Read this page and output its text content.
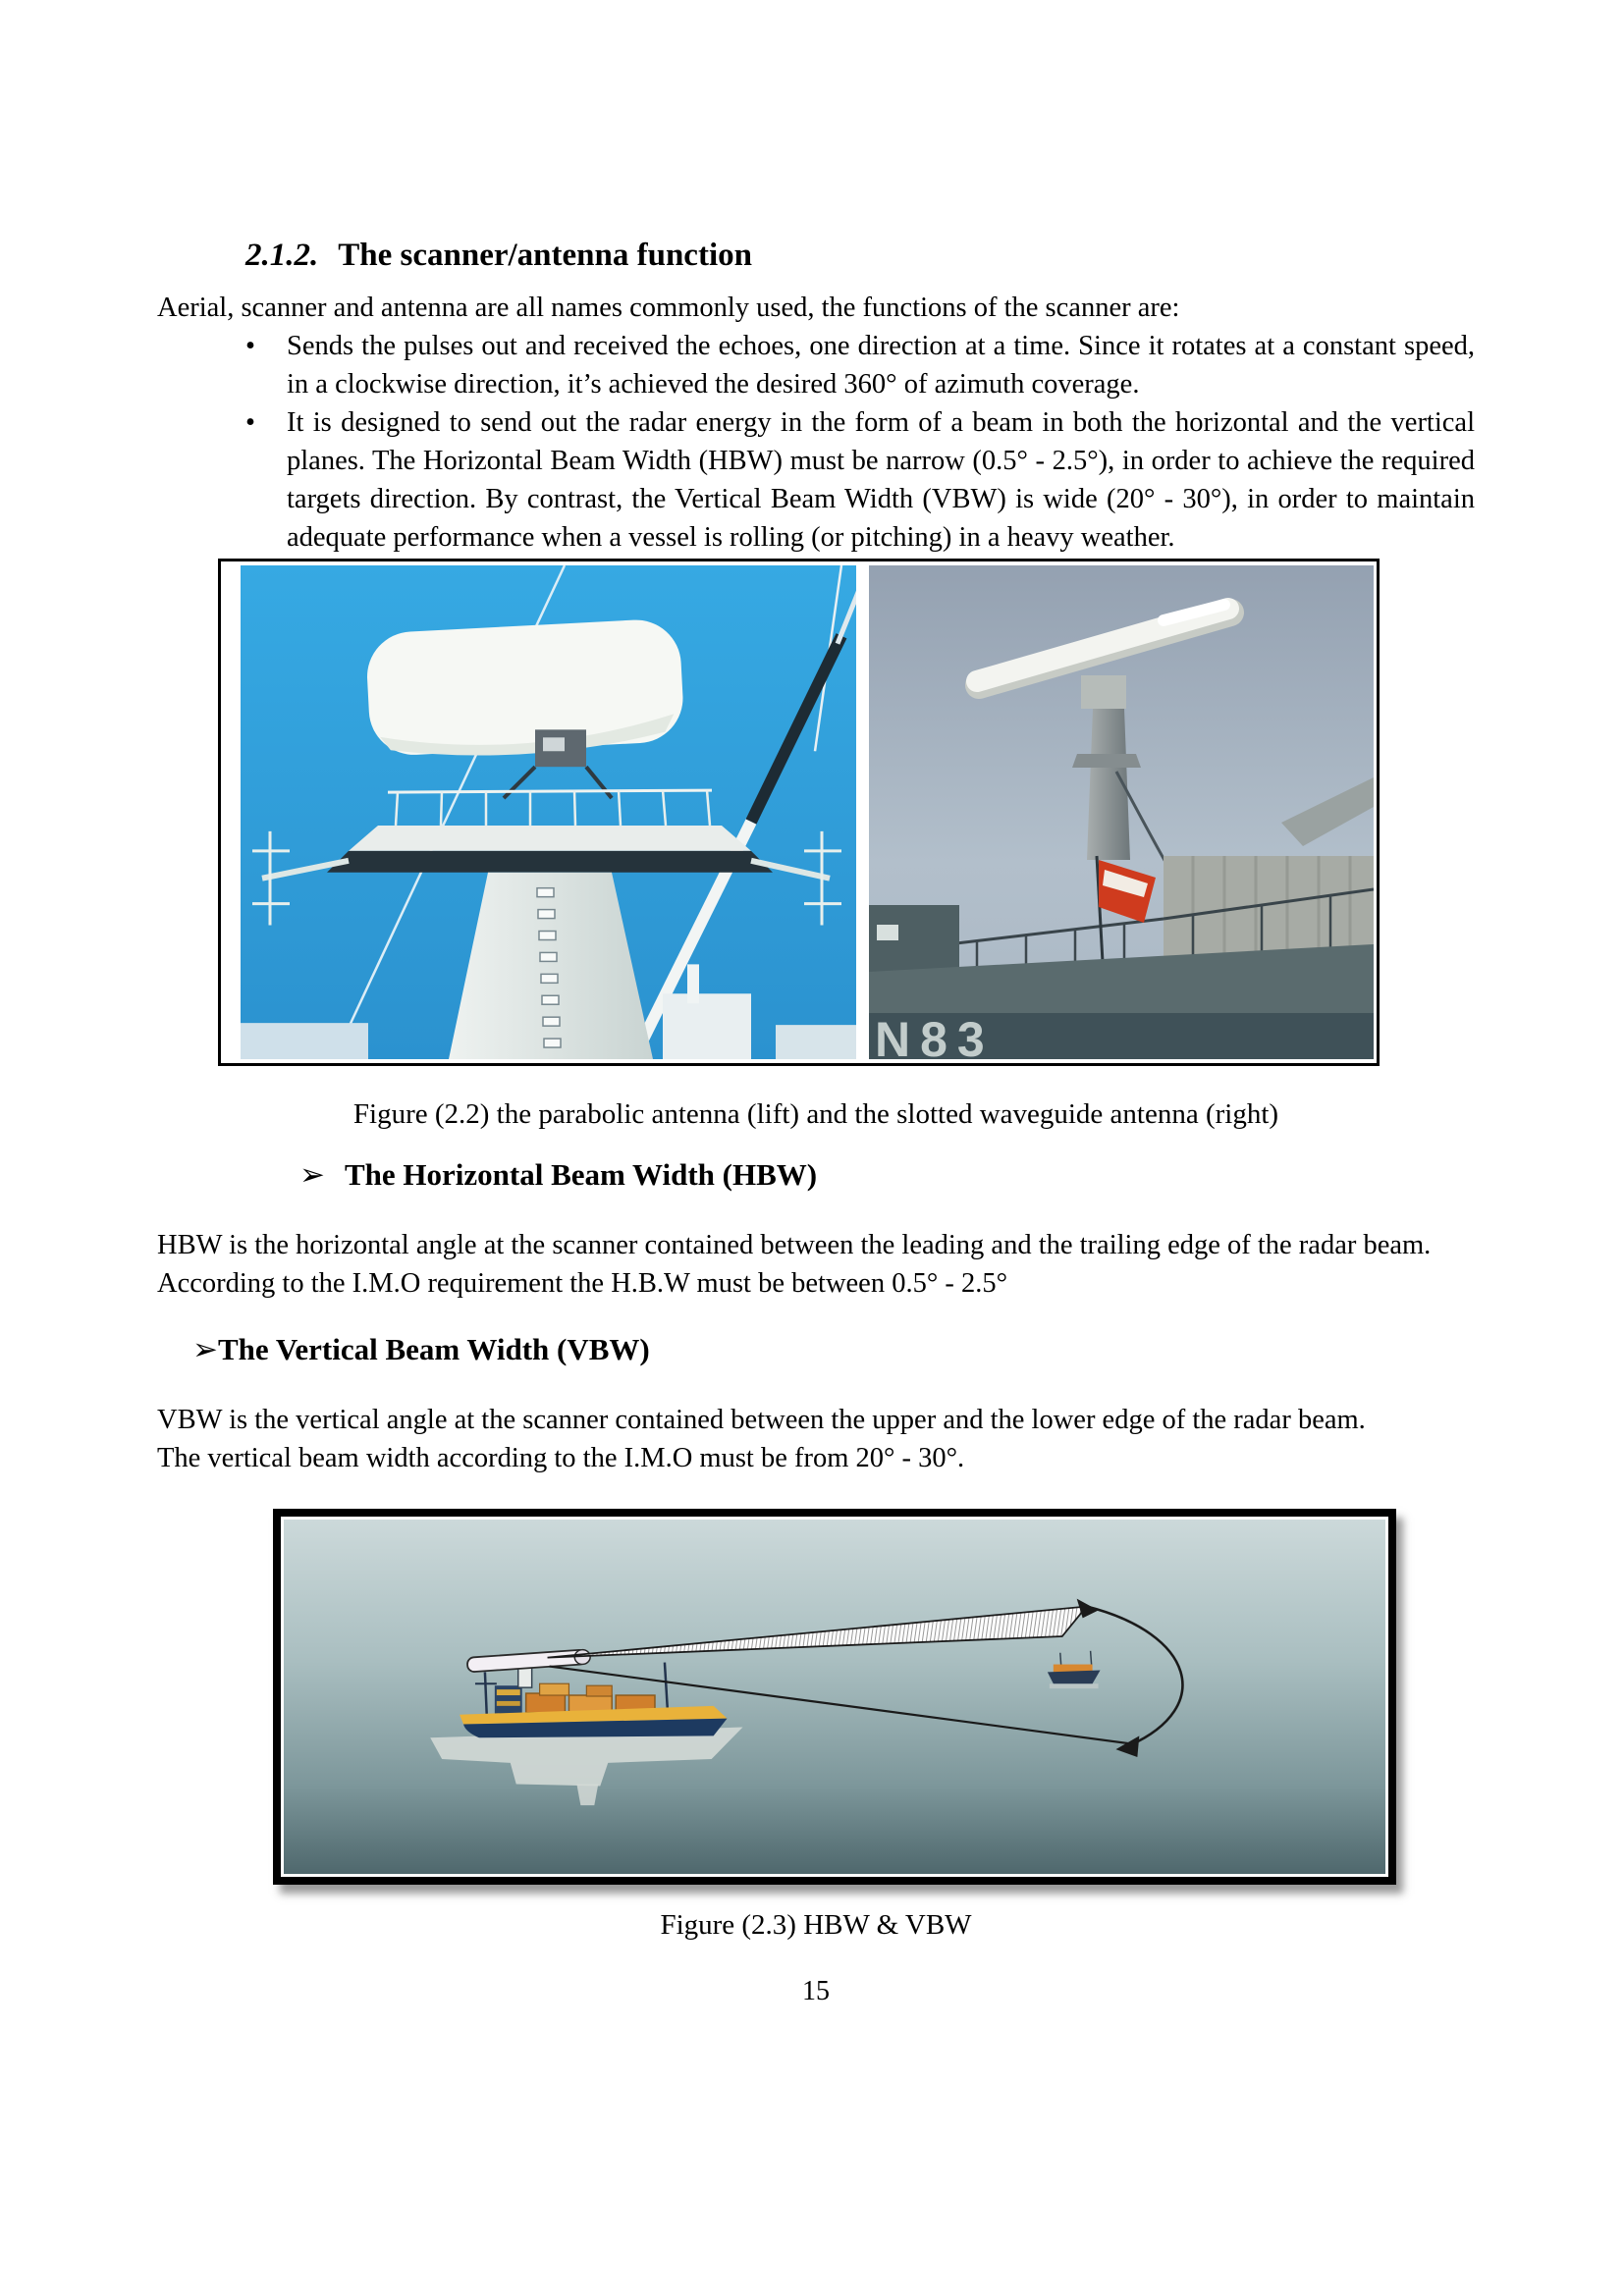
2.1.2. The scanner/antenna function

Aerial, scanner and antenna are all names commonly used, the functions of the scanner are:

•	Sends the pulses out and received the echoes, one direction at a time. Since it rotates at a constant speed, in a clockwise direction, it’s achieved the desired 360° of azimuth coverage.
•	It is designed to send out the radar energy in the form of a beam in both the horizontal and the vertical planes. The Horizontal Beam Width (HBW) must be narrow (0.5° - 2.5°), in order to achieve the required targets direction. By contrast, the Vertical Beam Width (VBW) is wide (20° - 30°), in order to maintain adequate performance when a vessel is rolling (or pitching) in a heavy weather.
N83

Figure (2.2) the parabolic antenna (lift) and the slotted waveguide antenna (right)

➢ The Horizontal Beam Width (HBW)

HBW is the horizontal angle at the scanner contained between the leading and the trailing edge of the radar beam.

According to the I.M.O requirement the H.B.W must be between 0.5° - 2.5°

➢The Vertical Beam Width (VBW)

VBW is the vertical angle at the scanner contained between the upper and the lower edge of the radar beam.

The vertical beam width according to the I.M.O must be from 20° - 30°.

Figure (2.3) HBW & VBW

15
